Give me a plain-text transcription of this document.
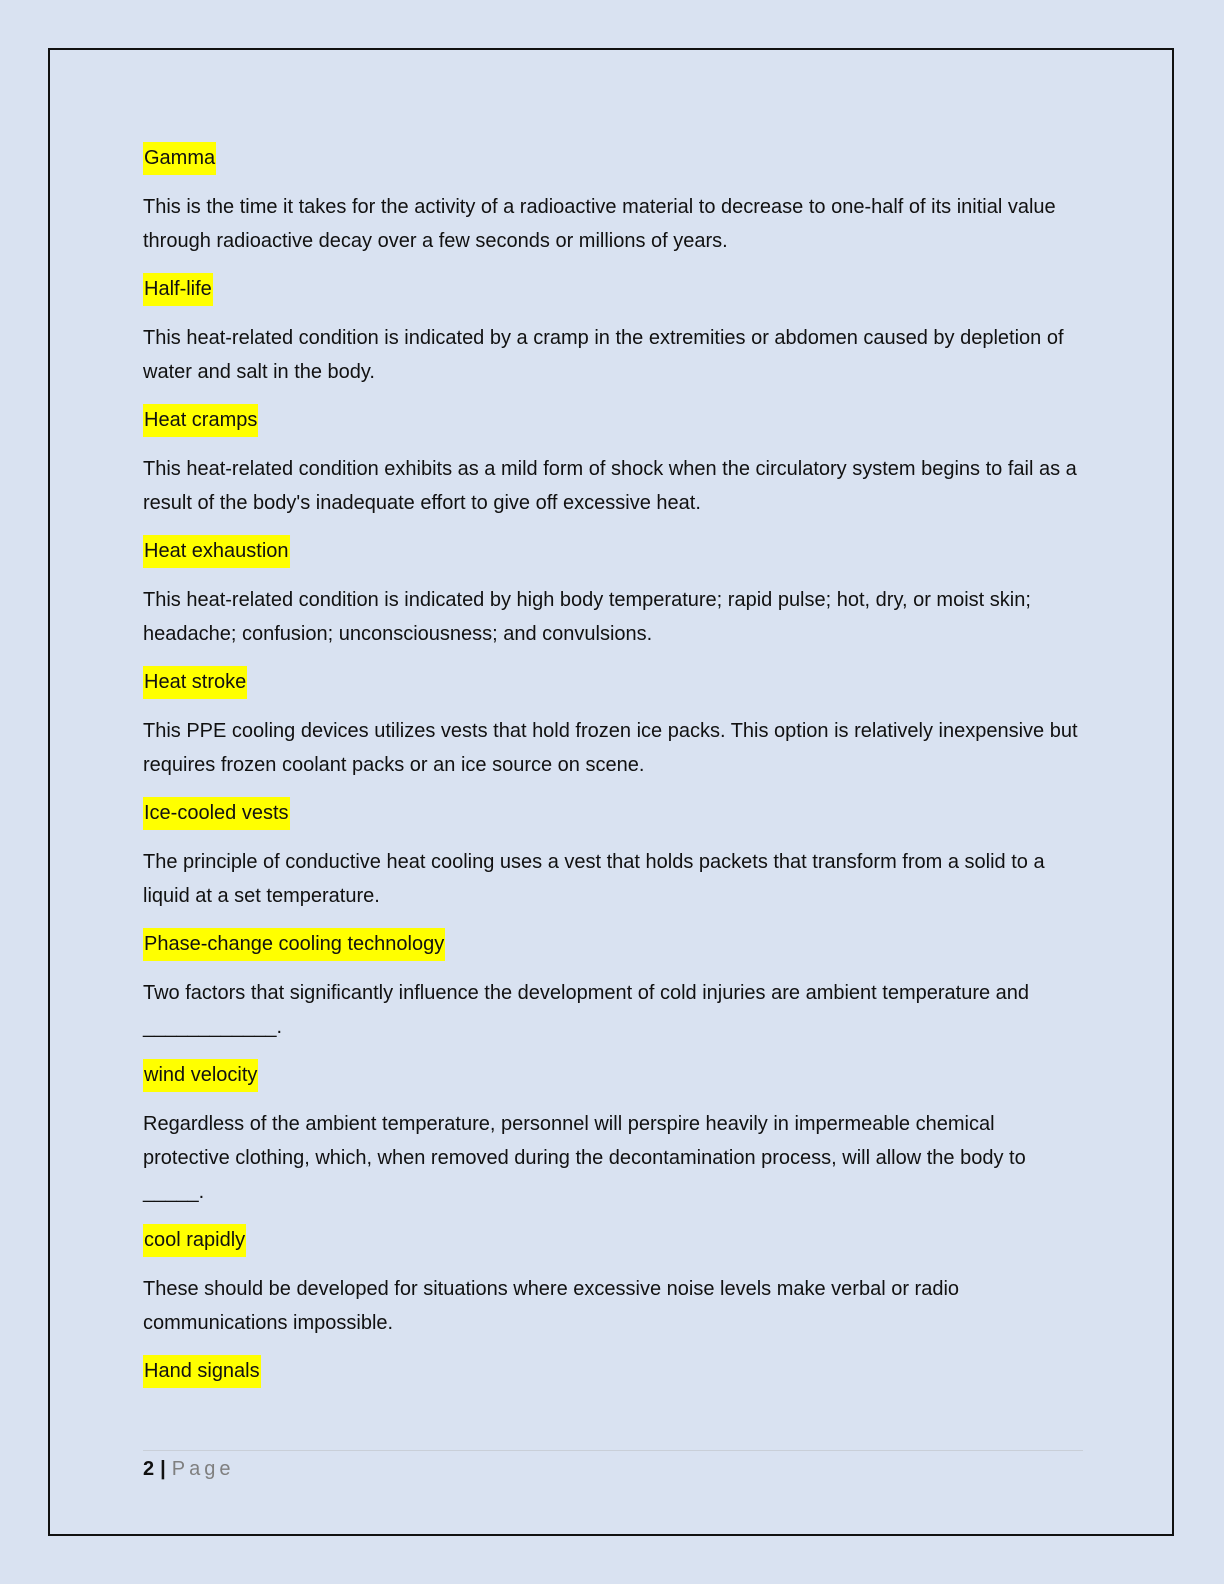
Gamma

This is the time it takes for the activity of a radioactive material to decrease to one-half of its initial value through radioactive decay over a few seconds or millions of years.

Half-life

This heat-related condition is indicated by a cramp in the extremities or abdomen caused by depletion of water and salt in the body.

Heat cramps

This heat-related condition exhibits as a mild form of shock when the circulatory system begins to fail as a result of the body's inadequate effort to give off excessive heat.

Heat exhaustion

This heat-related condition is indicated by high body temperature; rapid pulse; hot, dry, or moist skin; headache; confusion; unconsciousness; and convulsions.

Heat stroke

This PPE cooling devices utilizes vests that hold frozen ice packs. This option is relatively inexpensive but requires frozen coolant packs or an ice source on scene.

Ice-cooled vests

The principle of conductive heat cooling uses a vest that holds packets that transform from a solid to a liquid at a set temperature.

Phase-change cooling technology

Two factors that significantly influence the development of cold injuries are ambient temperature and ____________.

wind velocity

Regardless of the ambient temperature, personnel will perspire heavily in impermeable chemical protective clothing, which, when removed during the decontamination process, will allow the body to _____.

cool rapidly

These should be developed for situations where excessive noise levels make verbal or radio communications impossible.

Hand signals
2 | Page
